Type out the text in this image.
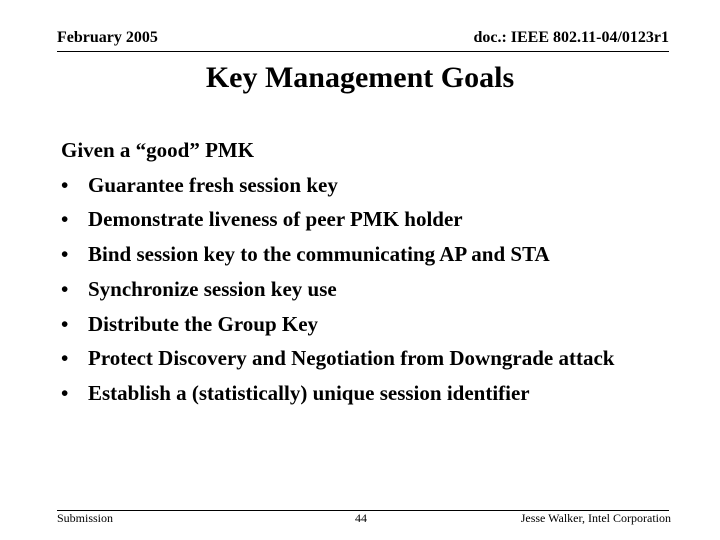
February 2005	doc.: IEEE 802.11-04/0123r1
Key Management Goals
Given a “good” PMK
• Guarantee fresh session key
• Demonstrate liveness of peer PMK holder
• Bind session key to the communicating AP and STA
• Synchronize session key use
• Distribute the Group Key
• Protect Discovery and Negotiation from Downgrade attack
• Establish a (statistically) unique session identifier
Submission	44	Jesse Walker, Intel Corporation
